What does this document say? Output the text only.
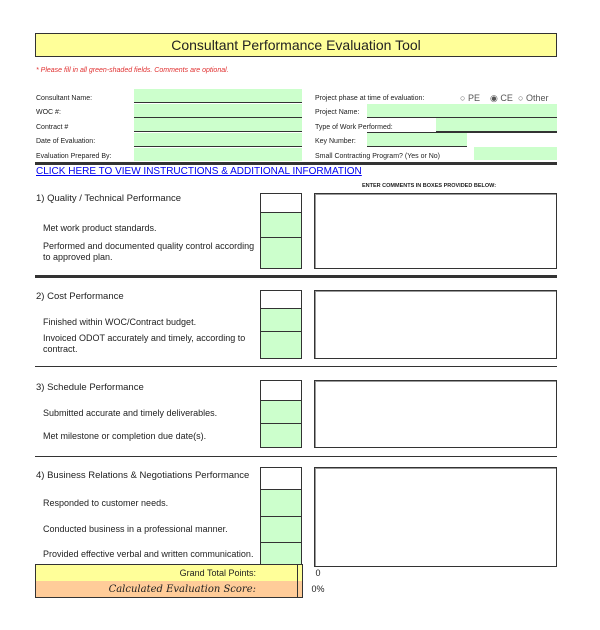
Consultant Performance Evaluation Tool
* Please fill in all green-shaded fields. Comments are optional.
Consultant Name:
WOC #:
Contract #
Date of Evaluation:
Evaluation Prepared By:
Project phase at time of evaluation:
Project Name:
Type of Work Performed:
Key Number:
Small Contracting Program? (Yes or No)
○ PE ◉ CE ○ Other
CLICK HERE TO VIEW INSTRUCTIONS & ADDITIONAL INFORMATION
ENTER COMMENTS IN BOXES PROVIDED BELOW:
1) Quality / Technical Performance
Met work product standards.
Performed and documented quality control according to approved plan.
2) Cost Performance
Finished within WOC/Contract budget.
Invoiced ODOT accurately and timely, according to contract.
3) Schedule Performance
Submitted accurate and timely deliverables.
Met milestone or completion due date(s).
4) Business Relations & Negotiations Performance
Responded to customer needs.
Conducted business in a professional manner.
Provided effective verbal and written communication.
Grand Total Points:	0
Calculated Evaluation Score:	0%
